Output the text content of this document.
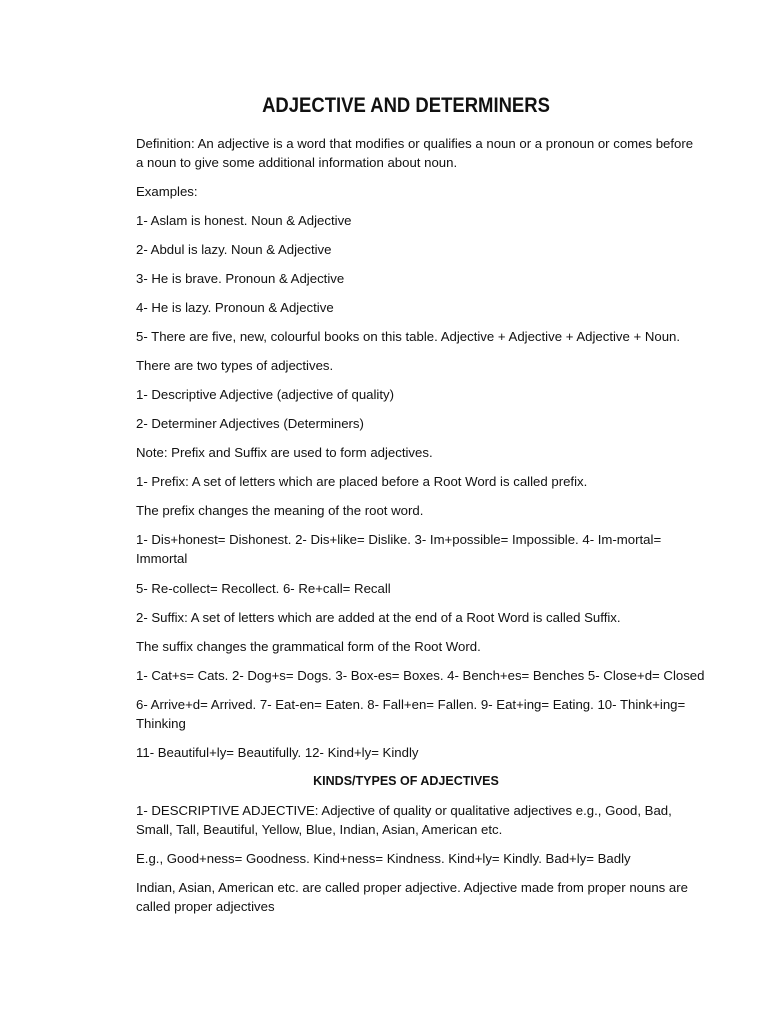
ADJECTIVE AND DETERMINERS
Definition: An adjective is a word that modifies or qualifies a noun or a pronoun or comes before a noun to give some additional information about noun.
Examples:
1- Aslam is honest. Noun & Adjective
2- Abdul is lazy. Noun & Adjective
3- He is brave. Pronoun & Adjective
4- He is lazy. Pronoun & Adjective
5- There are five, new, colourful books on this table. Adjective + Adjective + Adjective + Noun.
There are two types of adjectives.
1- Descriptive Adjective (adjective of quality)
2- Determiner Adjectives (Determiners)
Note: Prefix and Suffix are used to form adjectives.
1- Prefix: A set of letters which are placed before a Root Word is called prefix.
The prefix changes the meaning of the root word.
1- Dis+honest= Dishonest. 2- Dis+like= Dislike. 3- Im+possible= Impossible. 4- Im-mortal= Immortal
5- Re-collect= Recollect. 6- Re+call= Recall
2- Suffix: A set of letters which are added at the end of a Root Word is called Suffix.
The suffix changes the grammatical form of the Root Word.
1- Cat+s= Cats. 2- Dog+s= Dogs. 3- Box-es= Boxes. 4- Bench+es= Benches 5- Close+d= Closed
6- Arrive+d= Arrived. 7- Eat-en= Eaten. 8- Fall+en= Fallen. 9- Eat+ing= Eating. 10- Think+ing= Thinking
11- Beautiful+ly= Beautifully. 12- Kind+ly= Kindly
KINDS/TYPES OF ADJECTIVES
1- DESCRIPTIVE ADJECTIVE: Adjective of quality or qualitative adjectives e.g., Good, Bad, Small, Tall, Beautiful, Yellow, Blue, Indian, Asian, American etc.
E.g., Good+ness= Goodness. Kind+ness= Kindness. Kind+ly= Kindly. Bad+ly= Badly
Indian, Asian, American etc. are called proper adjective. Adjective made from proper nouns are called proper adjectives
